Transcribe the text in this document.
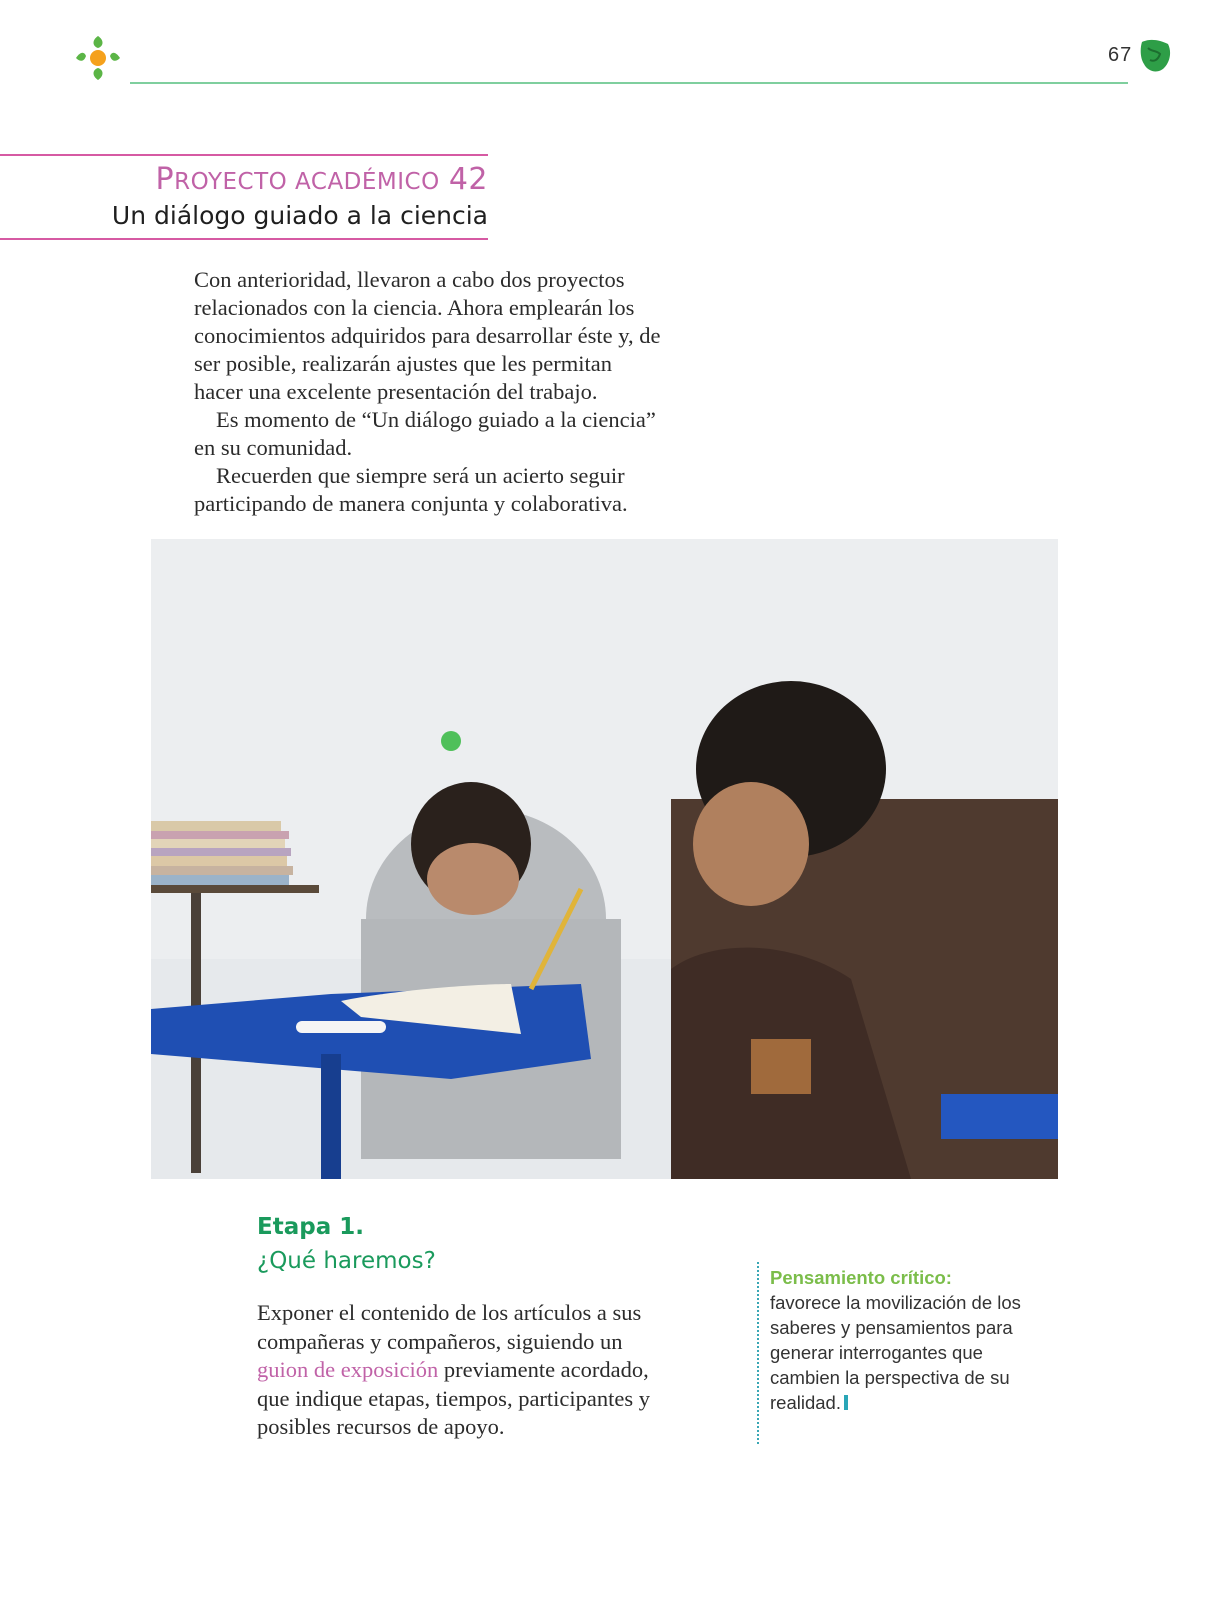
67
PROYECTO ACADÉMICO 42
Un diálogo guiado a la ciencia

Con anterioridad, llevaron a cabo dos proyectos relacionados con la ciencia. Ahora emplearán los conocimientos adquiridos para desarrollar éste y, de ser posible, realizarán ajustes que les permitan hacer una excelente presentación del trabajo.

Es momento de “Un diálogo guiado a la ciencia” en su comunidad.

Recuerden que siempre será un acierto seguir participando de manera conjunta y colaborativa.

Etapa 1.
¿Qué haremos?
Exponer el contenido de los artículos a sus compañeras y compañeros, siguiendo un guion de exposición previamente acordado, que indique etapas, tiempos, participantes y posibles recursos de apoyo.
Pensamiento crítico:
favorece la movilización de los saberes y pensamientos para generar interrogantes que cambien la perspectiva de su realidad.
